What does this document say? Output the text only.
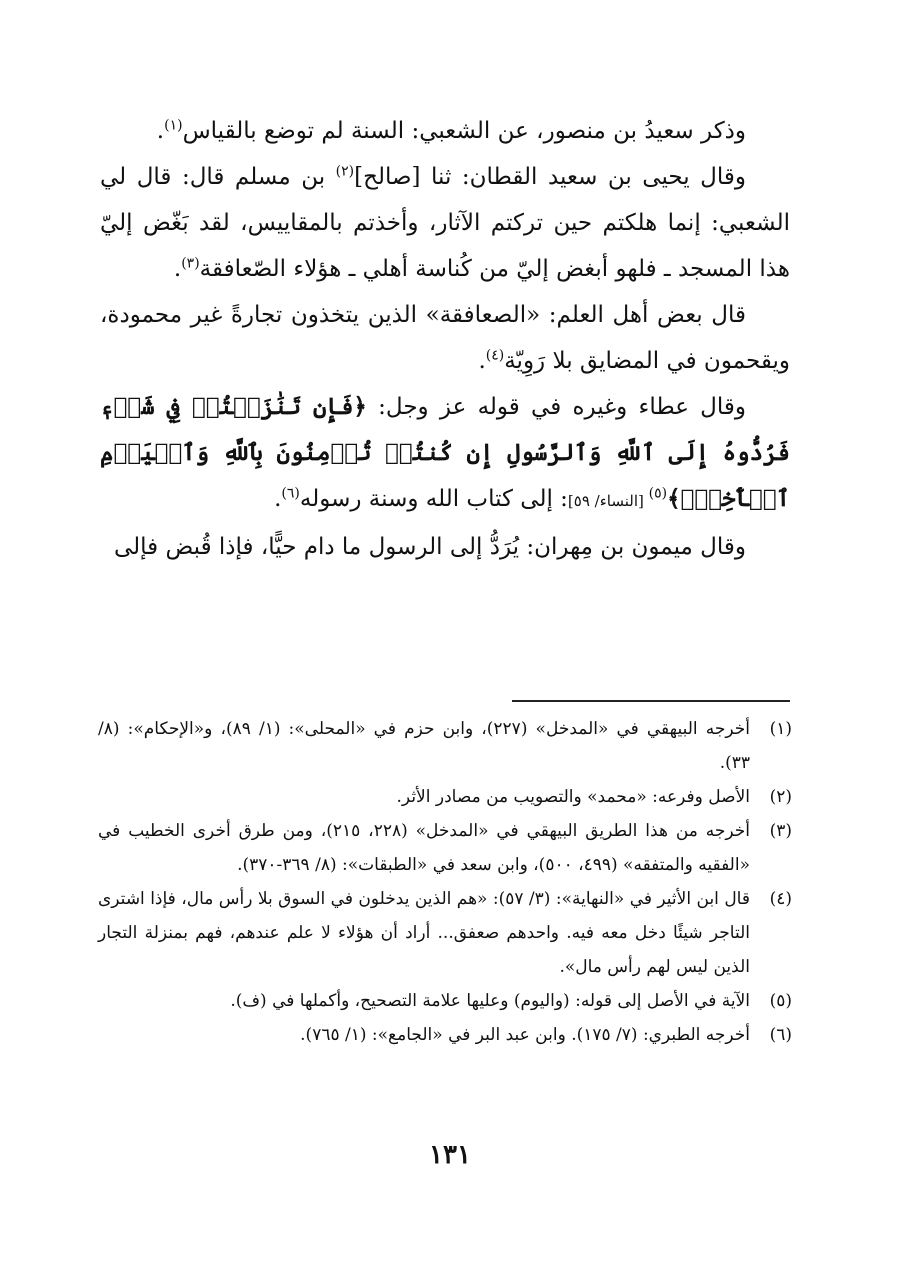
وذكر سعيدُ بن منصور، عن الشعبي: السنة لم توضع بالقياس$^{(١)}$.

وقال يحيى بن سعيد القطان: ثنا [صالح]$^{(٢)}$ بن مسلم قال: قال لي الشعبي: إنما هلكتم حين تركتم الآثار، وأخذتم بالمقاييس، لقد بَغّض إليّ هذا المسجد ـ فلهو أبغض إليّ من كُناسة أهلي ـ هؤلاء الصّعافقة$^{(٣)}$.

قال بعض أهل العلم: «الصعافقة» الذين يتخذون تجارةً غير محمودة، ويقحمون في المضايق بلا رَوِيّة$^{(٤)}$.

وقال عطاء وغيره في قوله عز وجل: ﴿فَإِن تَنَٰزَعۡتُمۡ فِي شَيۡءٖ فَرُدُّوهُ إِلَى ٱللَّهِ وَٱلرَّسُولِ إِن كُنتُمۡ تُؤۡمِنُونَ بِٱللَّهِ وَٱلۡيَوۡمِ ٱلۡأٓخِرِۚ﴾$^{(٥)}$ [النساء/ ٥٩]: إلى كتاب الله وسنة رسوله$^{(٦)}$.

وقال ميمون بن مِهران: يُرَدُّ إلى الرسول ما دام حيًّا، فإذا قُبض فإلى

(١)
أخرجه البيهقي في «المدخل» (٢٢٧)، وابن حزم في «المحلى»: (١/ ٨٩)، و«الإحكام»: (٨/ ٣٣).
(٢)
الأصل وفرعه: «محمد» والتصويب من مصادر الأثر.
(٣)
أخرجه من هذا الطريق البيهقي في «المدخل» (٢٢٨، ٢١٥)، ومن طرق أخرى الخطيب في «الفقيه والمتفقه» (٤٩٩، ٥٠٠)، وابن سعد في «الطبقات»: (٨/ ٣٦٩-٣٧٠).
(٤)
قال ابن الأثير في «النهاية»: (٣/ ٥٧): «هم الذين يدخلون في السوق بلا رأس مال، فإذا اشترى التاجر شيئًا دخل معه فيه. واحدهم صعفق... أراد أن هؤلاء لا علم عندهم، فهم بمنزلة التجار الذين ليس لهم رأس مال».
(٥)
الآية في الأصل إلى قوله: (واليوم) وعليها علامة التصحيح، وأكملها في (ف).
(٦)
أخرجه الطبري: (٧/ ١٧٥). وابن عبد البر في «الجامع»: (١/ ٧٦٥).
١٣١
